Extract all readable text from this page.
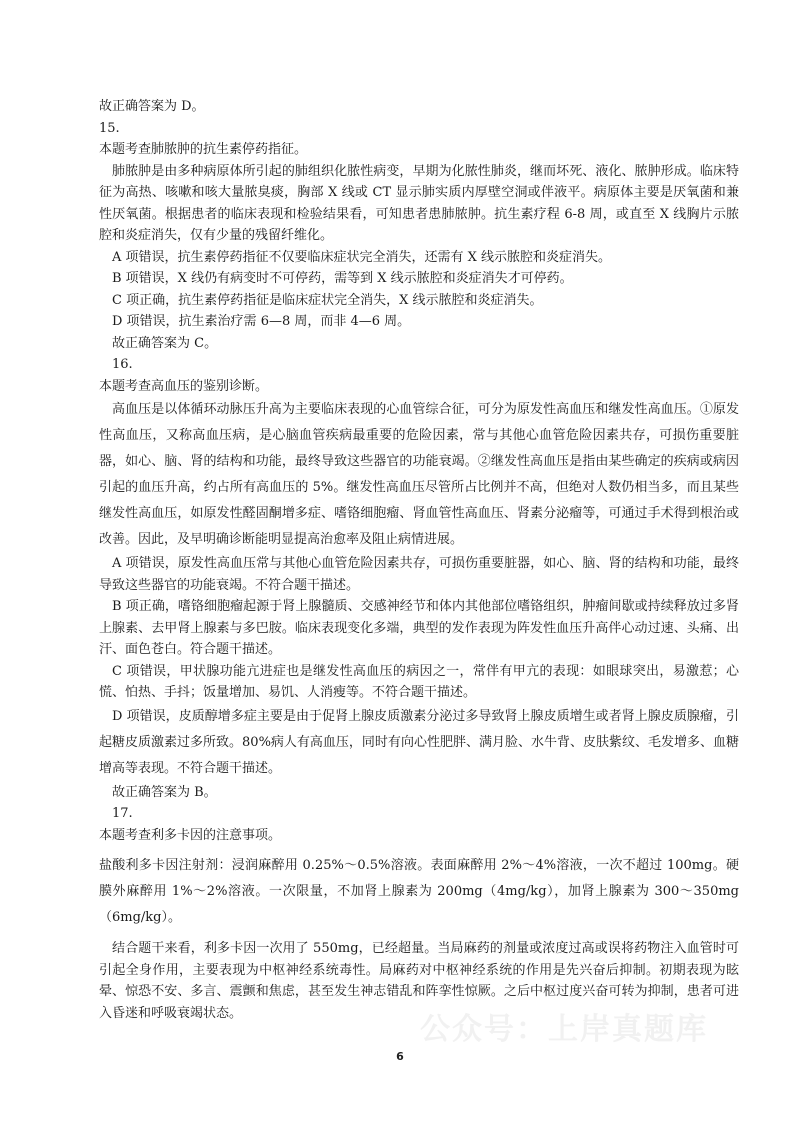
故正确答案为 D。

15.

本题考查肺脓肿的抗生素停药指征。

肺脓肿是由多种病原体所引起的肺组织化脓性病变，早期为化脓性肺炎，继而坏死、液化、脓肿形成。临床特征为高热、咳嗽和咳大量脓臭痰，胸部 X 线或 CT 显示肺实质内厚壁空洞或伴液平。病原体主要是厌氧菌和兼性厌氧菌。根据患者的临床表现和检验结果看，可知患者患肺脓肿。抗生素疗程 6-8 周，或直至 X 线胸片示脓腔和炎症消失，仅有少量的残留纤维化。

A 项错误，抗生素停药指征不仅要临床症状完全消失，还需有 X 线示脓腔和炎症消失。

B 项错误，X 线仍有病变时不可停药，需等到 X 线示脓腔和炎症消失才可停药。

C 项正确，抗生素停药指征是临床症状完全消失，X 线示脓腔和炎症消失。

D 项错误，抗生素治疗需 6—8 周，而非 4—6 周。

故正确答案为 C。

16.

本题考查高血压的鉴别诊断。

高血压是以体循环动脉压升高为主要临床表现的心血管综合征，可分为原发性高血压和继发性高血压。①原发性高血压，又称高血压病，是心脑血管疾病最重要的危险因素，常与其他心血管危险因素共存，可损伤重要脏器，如心、脑、肾的结构和功能，最终导致这些器官的功能衰竭。②继发性高血压是指由某些确定的疾病或病因引起的血压升高，约占所有高血压的 5%。继发性高血压尽管所占比例并不高，但绝对人数仍相当多，而且某些继发性高血压，如原发性醛固酮增多症、嗜铬细胞瘤、肾血管性高血压、肾素分泌瘤等，可通过手术得到根治或改善。因此，及早明确诊断能明显提高治愈率及阻止病情进展。

A 项错误，原发性高血压常与其他心血管危险因素共存，可损伤重要脏器，如心、脑、肾的结构和功能，最终导致这些器官的功能衰竭。不符合题干描述。

B 项正确，嗜铬细胞瘤起源于肾上腺髓质、交感神经节和体内其他部位嗜铬组织，肿瘤间歇或持续释放过多肾上腺素、去甲肾上腺素与多巴胺。临床表现变化多端，典型的发作表现为阵发性血压升高伴心动过速、头痛、出汗、面色苍白。符合题干描述。

C 项错误，甲状腺功能亢进症也是继发性高血压的病因之一，常伴有甲亢的表现：如眼球突出，易激惹；心慌、怕热、手抖；饭量增加、易饥、人消瘦等。不符合题干描述。

D 项错误，皮质醇增多症主要是由于促肾上腺皮质激素分泌过多导致肾上腺皮质增生或者肾上腺皮质腺瘤，引起糖皮质激素过多所致。80%病人有高血压，同时有向心性肥胖、满月脸、水牛背、皮肤紫纹、毛发增多、血糖增高等表现。不符合题干描述。

故正确答案为 B。

17.

本题考查利多卡因的注意事项。

盐酸利多卡因注射剂：浸润麻醉用 0.25%～0.5%溶液。表面麻醉用 2%～4%溶液，一次不超过 100mg。硬膜外麻醉用 1%～2%溶液。一次限量，不加肾上腺素为 200mg（4mg/kg），加肾上腺素为 300～350mg（6mg/kg）。

结合题干来看，利多卡因一次用了 550mg，已经超量。当局麻药的剂量或浓度过高或误将药物注入血管时可引起全身作用，主要表现为中枢神经系统毒性。局麻药对中枢神经系统的作用是先兴奋后抑制。初期表现为眩晕、惊恐不安、多言、震颤和焦虑，甚至发生神志错乱和阵挛性惊厥。之后中枢过度兴奋可转为抑制，患者可进入昏迷和呼吸衰竭状态。	公众号：上岸真题库
6
